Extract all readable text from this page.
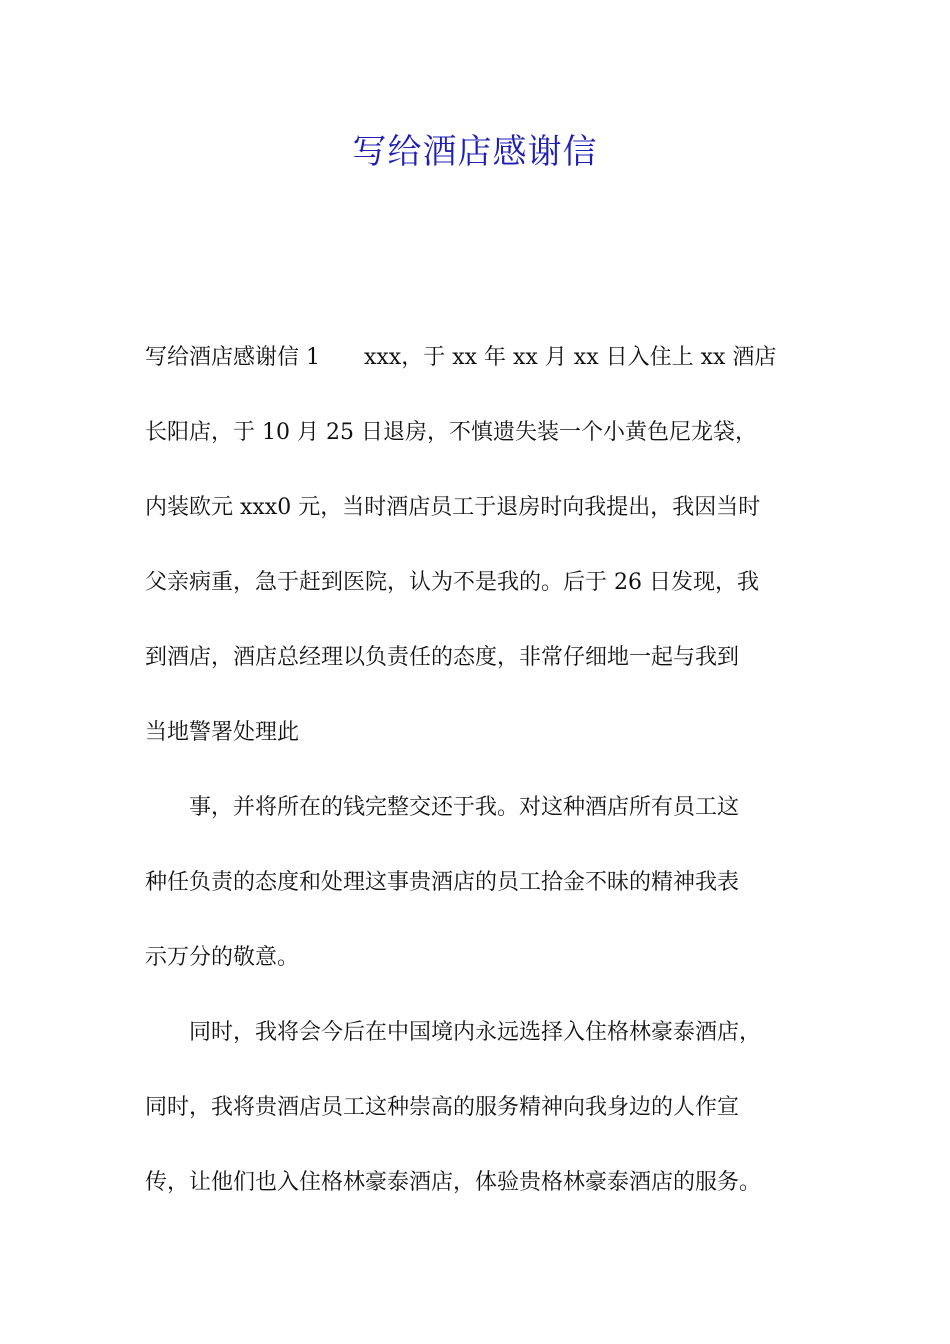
写给酒店感谢信
写给酒店感谢信 1　　xxx，于 xx 年 xx 月 xx 日入住上 xx 酒店
长阳店，于 10 月 25 日退房，不慎遗失装一个小黄色尼龙袋，
内装欧元 xxx0 元，当时酒店员工于退房时向我提出，我因当时
父亲病重，急于赶到医院，认为不是我的。后于 26 日发现，我
到酒店，酒店总经理以负责任的态度，非常仔细地一起与我到
当地警署处理此
　　事，并将所在的钱完整交还于我。对这种酒店所有员工这
种任负责的态度和处理这事贵酒店的员工拾金不昧的精神我表
示万分的敬意。
　　同时，我将会今后在中国境内永远选择入住格林豪泰酒店，
同时，我将贵酒店员工这种崇高的服务精神向我身边的人作宣
传，让他们也入住格林豪泰酒店，体验贵格林豪泰酒店的服务。
